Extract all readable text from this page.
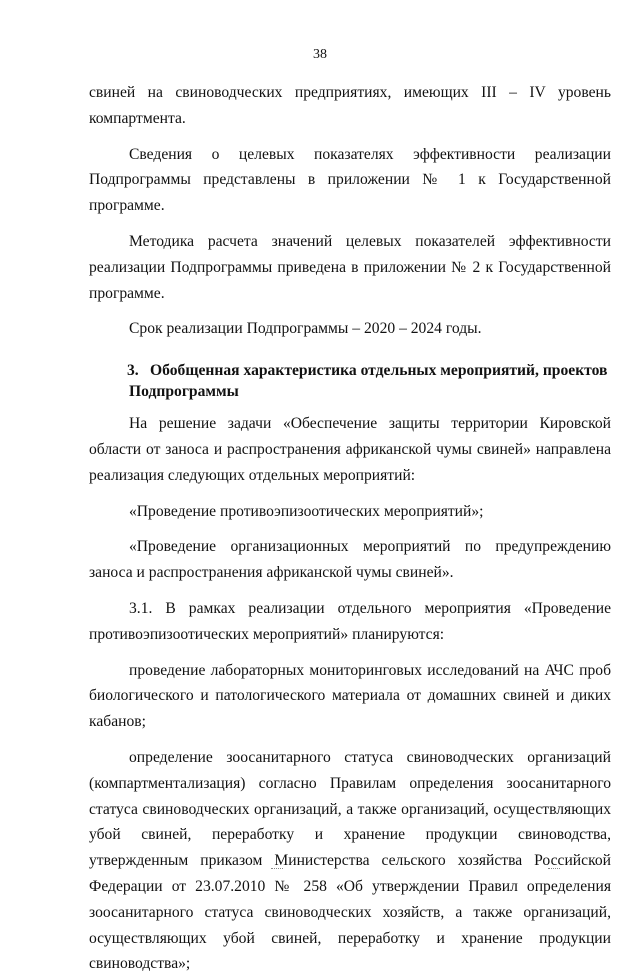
38

свиней на свиноводческих предприятиях, имеющих III – IV уровень компартмента.

Сведения о целевых показателях эффективности реализации Подпрограммы представлены в приложении № 1 к Государственной программе.

Методика расчета значений целевых показателей эффективности реализации Подпрограммы приведена в приложении № 2 к Государственной программе.

Срок реализации Подпрограммы – 2020 – 2024 годы.

3. Обобщенная характеристика отдельных мероприятий, проектов Подпрограммы

На решение задачи «Обеспечение защиты территории Кировской области от заноса и распространения африканской чумы свиней» направлена реализация следующих отдельных мероприятий:

«Проведение противоэпизоотических мероприятий»;

«Проведение организационных мероприятий по предупреждению заноса и распространения африканской чумы свиней».

3.1. В рамках реализации отдельного мероприятия «Проведение противоэпизоотических мероприятий» планируются:

проведение лабораторных мониторинговых исследований на АЧС проб биологического и патологического материала от домашних свиней и диких кабанов;

определение зоосанитарного статуса свиноводческих организаций (компартментализация) согласно Правилам определения зоосанитарного статуса свиноводческих организаций, а также организаций, осуществляющих убой свиней, переработку и хранение продукции свиноводства, утвержденным приказом Министерства сельского хозяйства Российской Федерации от 23.07.2010 № 258 «Об утверждении Правил определения зоосанитарного статуса свиноводческих хозяйств, а также организаций, осуществляющих убой свиней, переработку и хранение продукции свиноводства»;
